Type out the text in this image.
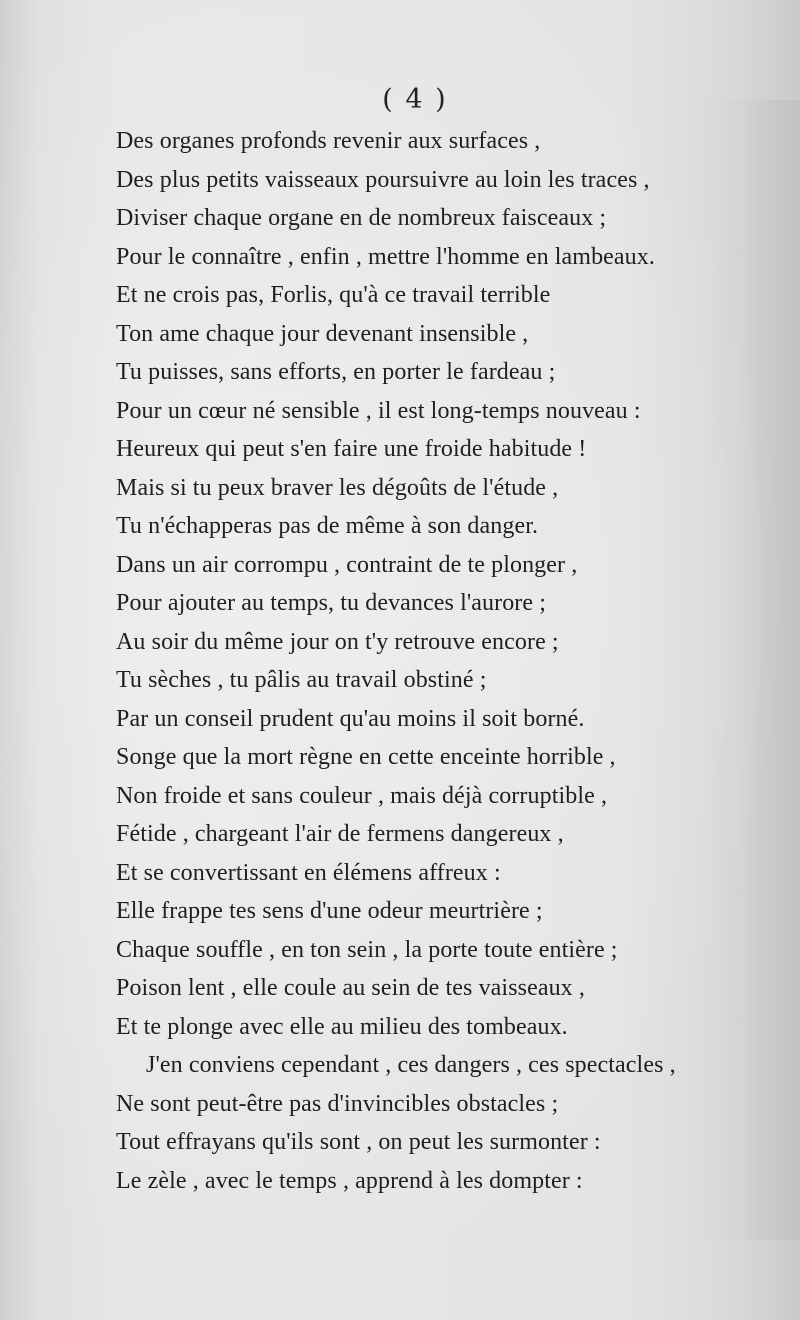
( 4 )
Des organes profonds revenir aux surfaces ,
Des plus petits vaisseaux poursuivre au loin les traces ,
Diviser chaque organe en de nombreux faisceaux ;
Pour le connaître , enfin , mettre l'homme en lambeaux.
Et ne crois pas, Forlis, qu'à ce travail terrible
Ton ame chaque jour devenant insensible ,
Tu puisses, sans efforts, en porter le fardeau ;
Pour un cœur né sensible , il est long-temps nouveau :
Heureux qui peut s'en faire une froide habitude !
Mais si tu peux braver les dégoûts de l'étude ,
Tu n'échapperas pas de même à son danger.
Dans un air corrompu , contraint de te plonger ,
Pour ajouter au temps, tu devances l'aurore ;
Au soir du même jour on t'y retrouve encore ;
Tu sèches , tu pâlis au travail obstiné ;
Par un conseil prudent qu'au moins il soit borné.
Songe que la mort règne en cette enceinte horrible ,
Non froide et sans couleur , mais déjà corruptible ,
Fétide , chargeant l'air de fermens dangereux ,
Et se convertissant en élémens affreux :
Elle frappe tes sens d'une odeur meurtrière ;
Chaque souffle , en ton sein , la porte toute entière ;
Poison lent , elle coule au sein de tes vaisseaux ,
Et te plonge avec elle au milieu des tombeaux.
J'en conviens cependant , ces dangers , ces spectacles ,
Ne sont peut-être pas d'invincibles obstacles ;
Tout effrayans qu'ils sont , on peut les surmonter :
Le zèle , avec le temps , apprend à les dompter :
